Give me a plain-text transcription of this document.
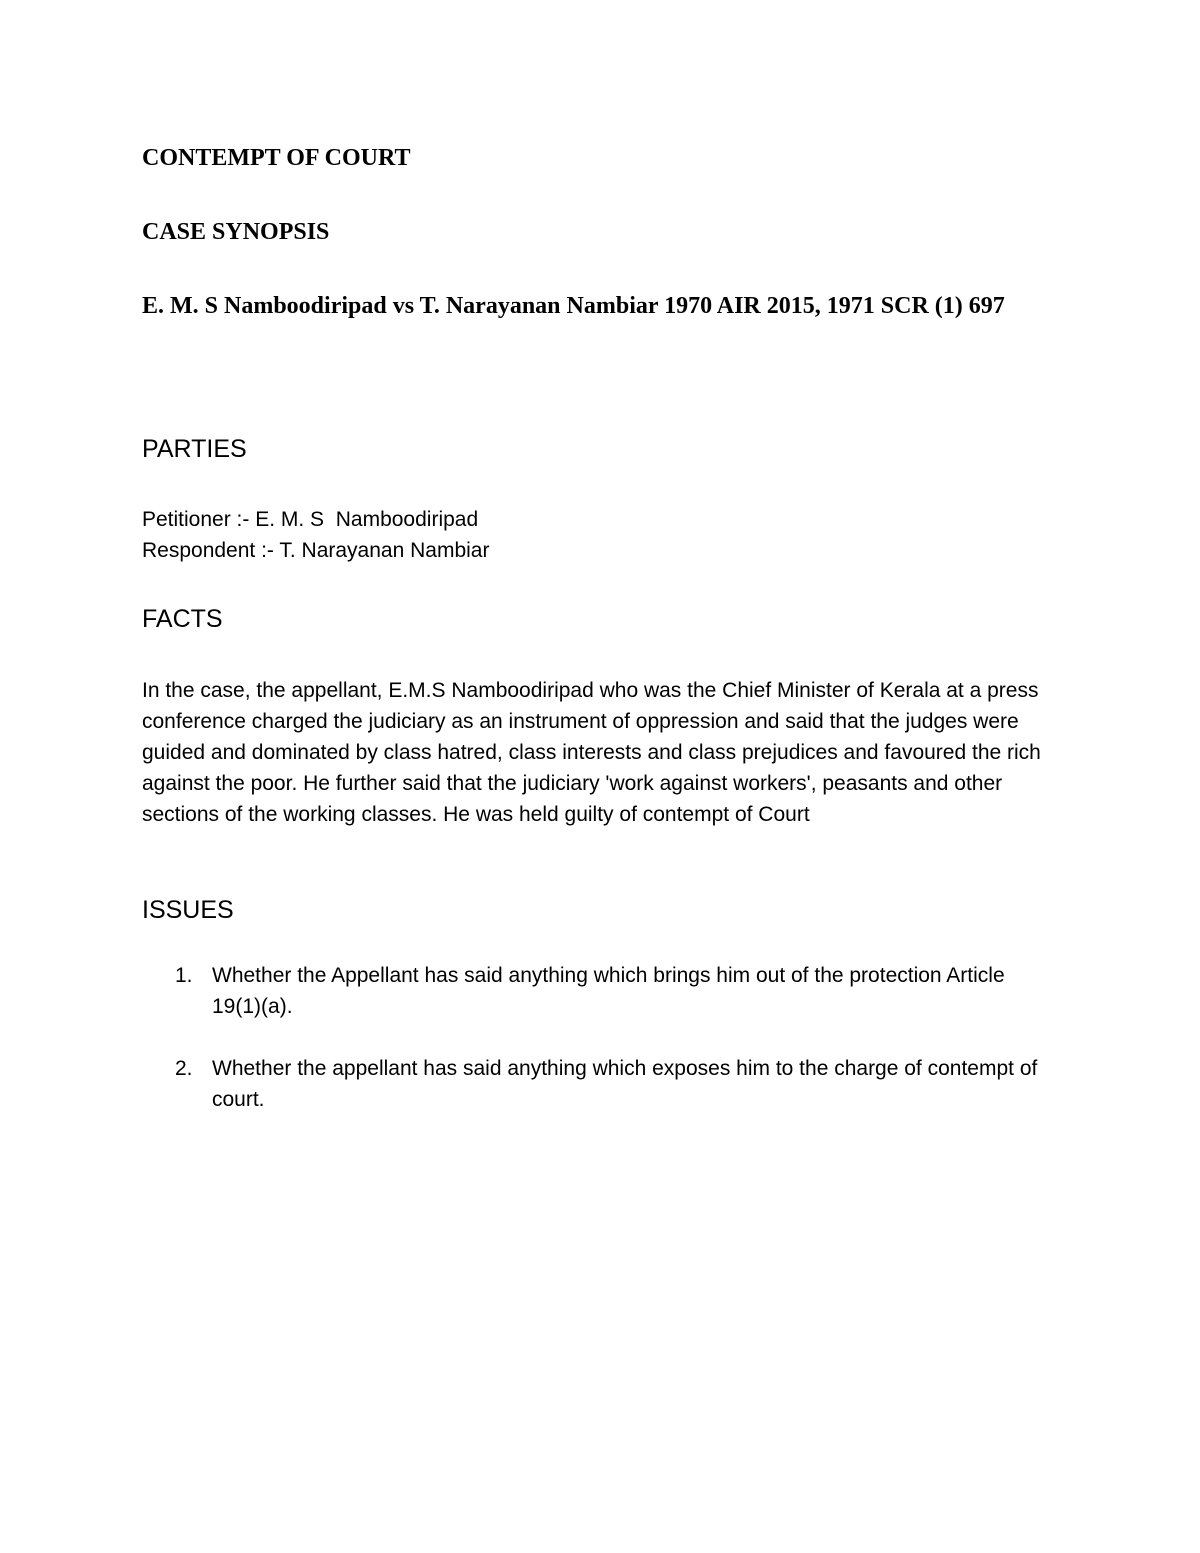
CONTEMPT OF COURT
CASE SYNOPSIS

E. M. S Namboodiripad vs T. Narayanan Nambiar 1970 AIR 2015, 1971 SCR (1) 697

PARTIES

Petitioner :- E. M. S  Namboodiripad

Respondent :- T. Narayanan Nambiar

FACTS

In the case, the appellant, E.M.S Namboodiripad who was the Chief Minister of Kerala at a press conference charged the judiciary as an instrument of oppression and said that the judges were guided and dominated by class hatred, class interests and class prejudices and favoured the rich against the poor. He further said that the judiciary 'work against workers', peasants and other sections of the working classes. He was held guilty of contempt of Court

ISSUES
1. Whether the Appellant has said anything which brings him out of the protection Article 19(1)(a).
2. Whether the appellant has said anything which exposes him to the charge of contempt of court.
